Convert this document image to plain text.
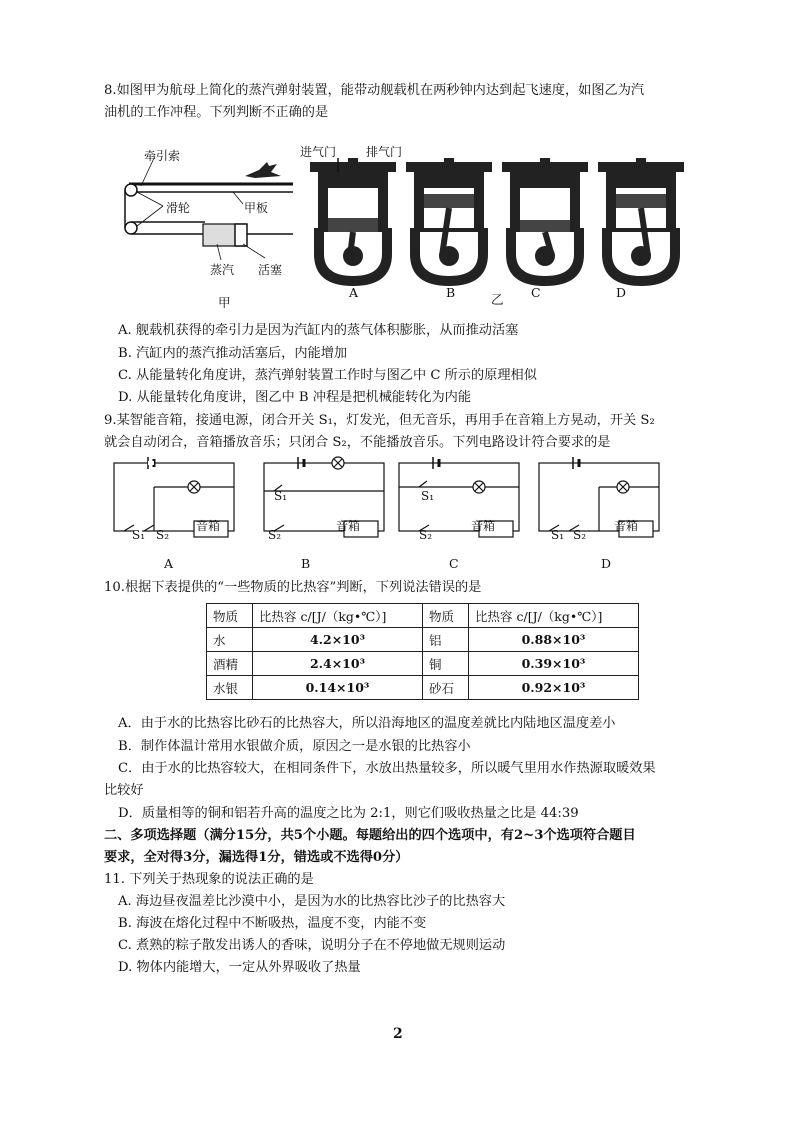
8.如图甲为航母上简化的蒸汽弹射装置，能带动舰载机在两秒钟内达到起飞速度，如图乙为汽
油机的工作冲程。下列判断不正确的是
牵引索
滑轮	甲板
蒸汽 活塞
甲
进气门 排气门
A	B	乙 C	D
A. 舰载机获得的牵引力是因为汽缸内的蒸气体积膨胀，从而推动活塞
B. 汽缸内的蒸汽推动活塞后，内能增加
C. 从能量转化角度讲，蒸汽弹射装置工作时与图乙中 C 所示的原理相似
D. 从能量转化角度讲，图乙中 B 冲程是把机械能转化为内能
9.某智能音箱，接通电源，闭合开关 S₁，灯发光，但无音乐，再用手在音箱上方晃动，开关 S₂
就会自动闭合，音箱播放音乐；只闭合 S₂，不能播放音乐。下列电路设计符合要求的是
音箱
S₁ S₂
A
S₁
音箱
S₂
B
S₁
音箱
S₂
C
音箱
S₁ S₂
D
10.根据下表提供的“一些物质的比热容”判断，下列说法错误的是
物质	比热容 c/[J/（kg•℃）]	物质	比热容 c/[J/（kg•℃）]
水	4.2×10³	铝	0.88×10³
酒精	2.4×10³	铜	0.39×10³
水银	0.14×10³	砂石	0.92×10³
A．由于水的比热容比砂石的比热容大，所以沿海地区的温度差就比内陆地区温度差小
B．制作体温计常用水银做介质，原因之一是水银的比热容小
C．由于水的比热容较大，在相同条件下，水放出热量较多，所以暖气里用水作热源取暖效果
比较好
D．质量相等的铜和铝若升高的温度之比为 2:1，则它们吸收热量之比是 44:39
二、多项选择题（满分15分，共5个小题。每题给出的四个选项中，有2~3个选项符合题目
要求，全对得3分，漏选得1分，错选或不选得0分）
11. 下列关于热现象的说法正确的是
A. 海边昼夜温差比沙漠中小，是因为水的比热容比沙子的比热容大
B. 海波在熔化过程中不断吸热，温度不变，内能不变
C. 煮熟的粽子散发出诱人的香味，说明分子在不停地做无规则运动
D. 物体内能增大，一定从外界吸收了热量
2
